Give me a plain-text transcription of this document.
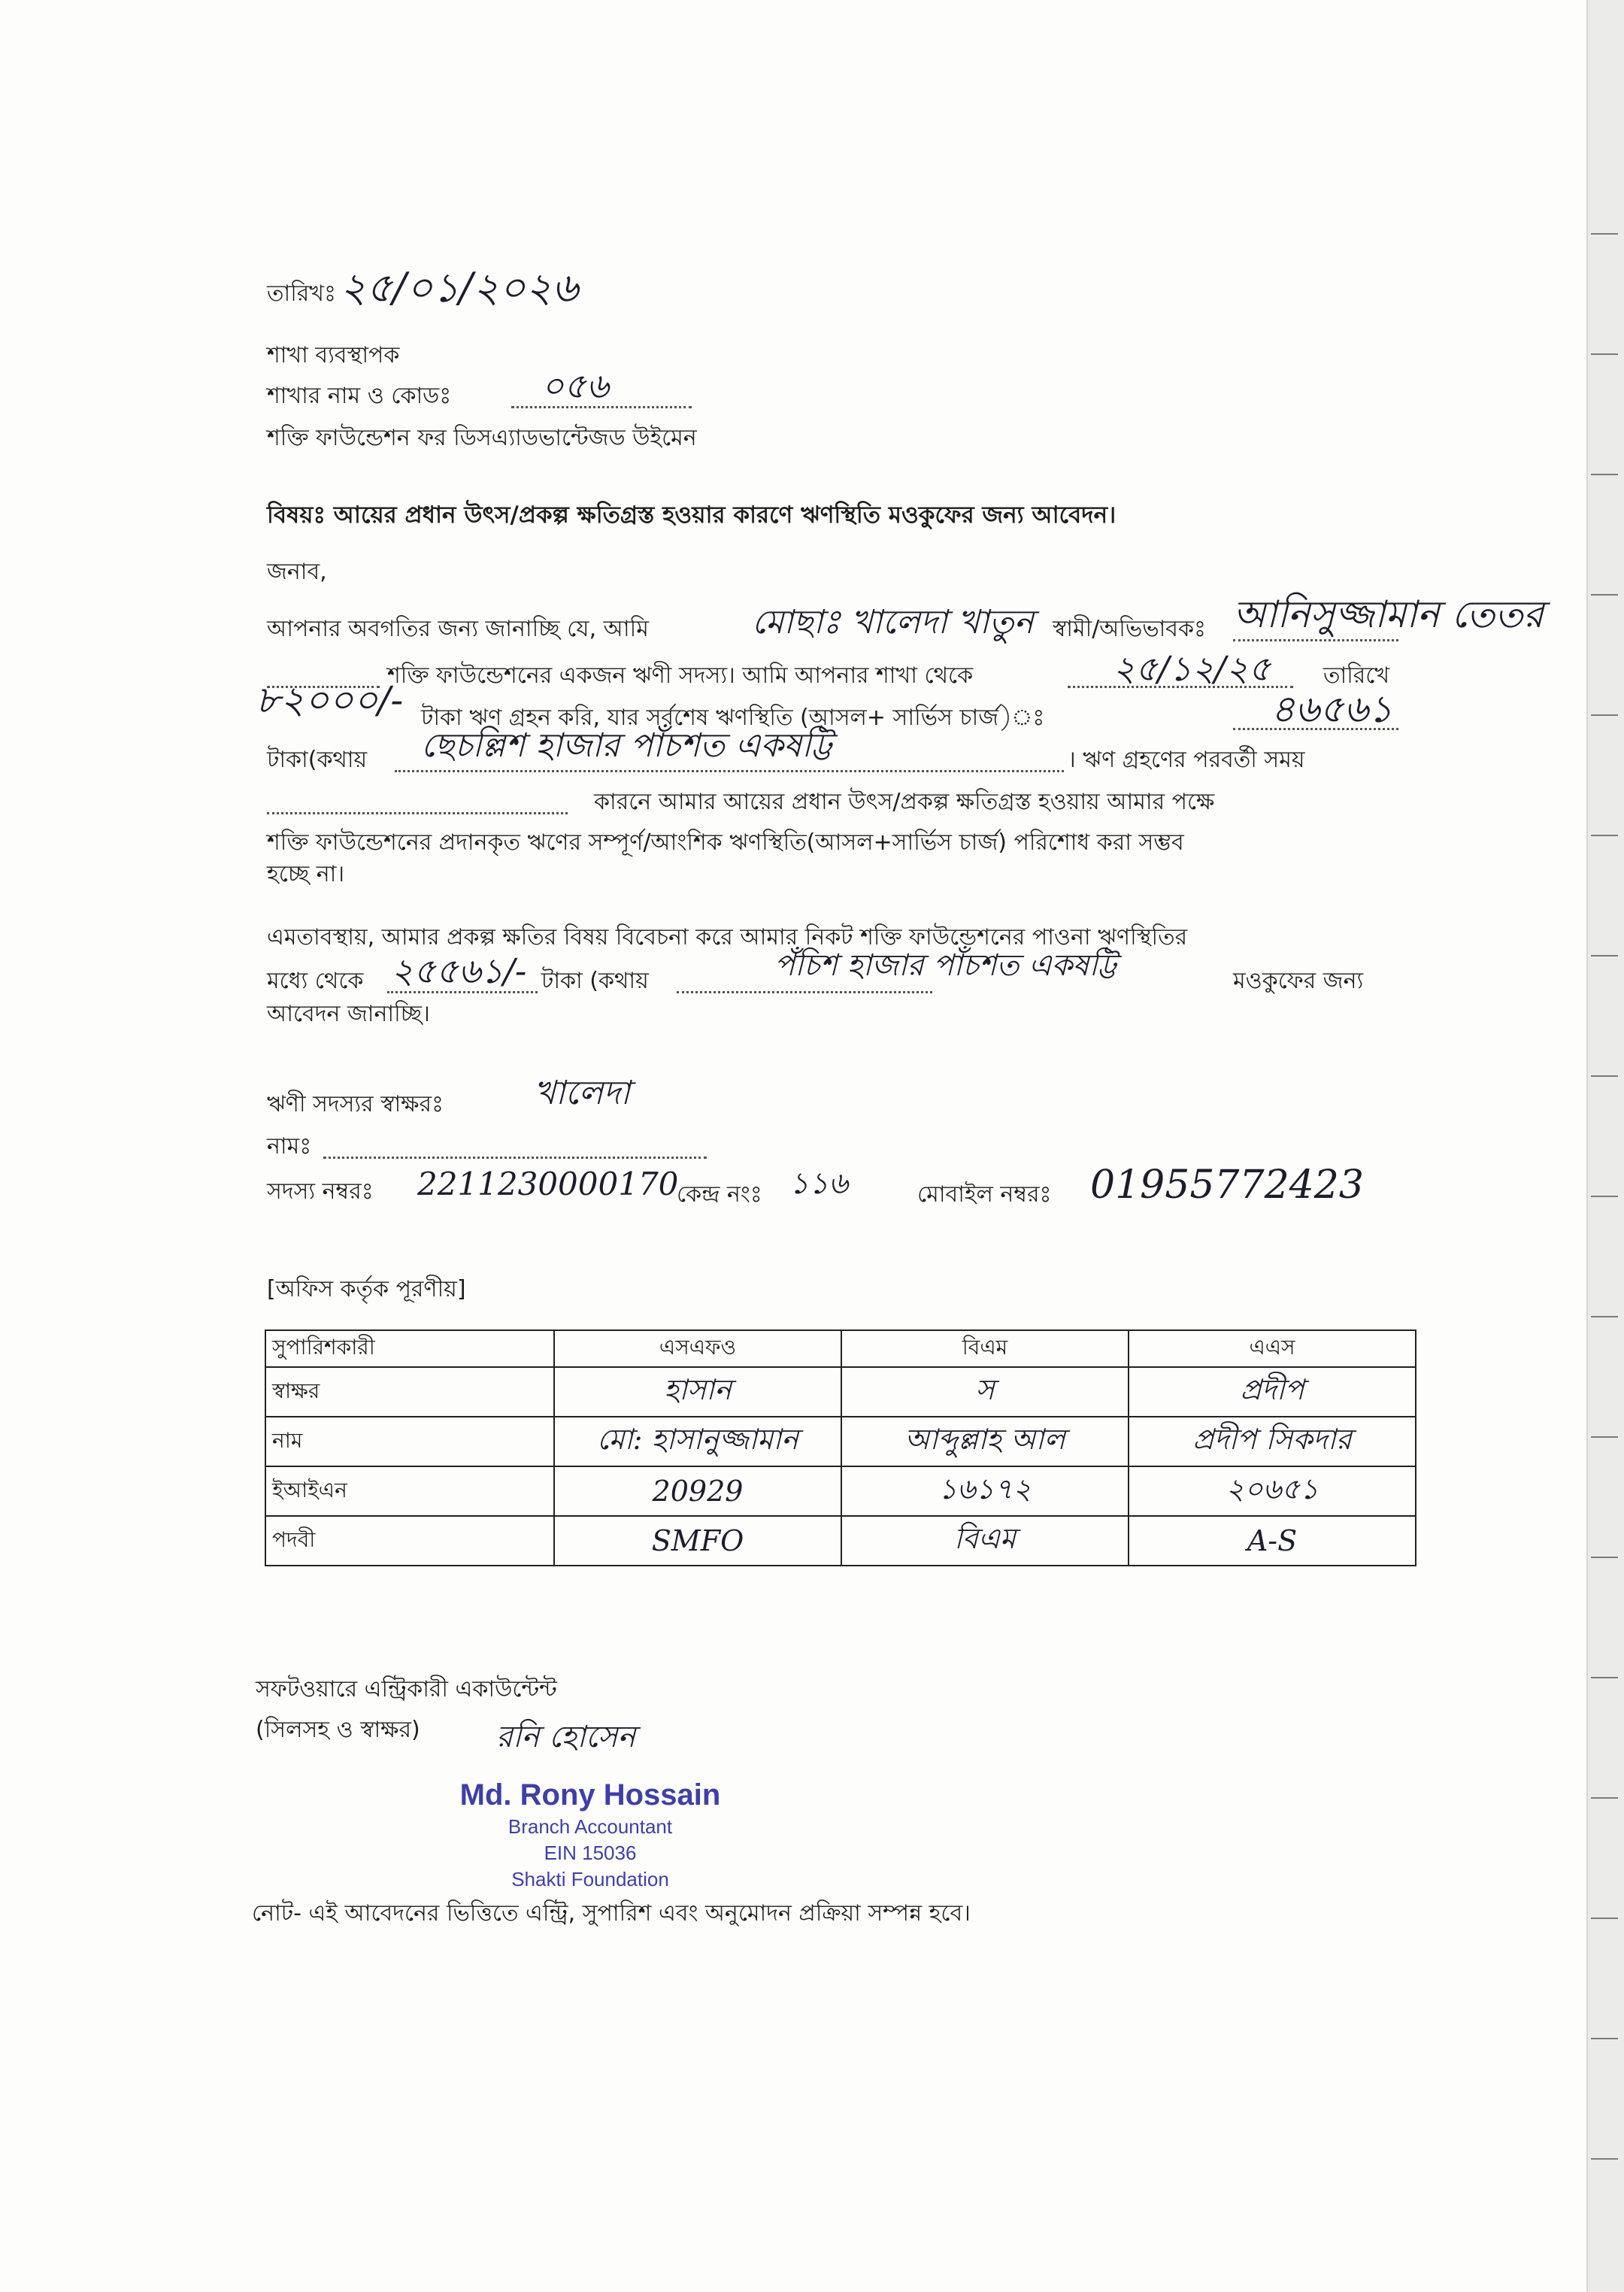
তারিখঃ ২৫/০১/২০২৬
শাখা ব্যবস্থাপক
শাখার নাম ও কোডঃ	০৫৬
শক্তি ফাউন্ডেশন ফর ডিসএ্যাডভান্টেজড উইমেন
বিষয়ঃ আয়ের প্রধান উৎস/প্রকল্প ক্ষতিগ্রস্ত হওয়ার কারণে ঋণস্থিতি মওকুফের জন্য আবেদন।
জনাব,
আপনার অবগতির জন্য জানাচ্ছি যে, আমি	মোছাঃ খালেদা খাতুন স্বামী/অভিভাবকঃ আনিসুজ্জামান তেতর
শক্তি ফাউন্ডেশনের একজন ঋণী সদস্য। আমি আপনার শাখা থেকে	২৫/১২/২৫ তারিখে
৮২০০০/- টাকা ঋণ গ্রহন করি, যার সর্বশেষ ঋণস্থিতি (আসল+ সার্ভিস চার্জ)ঃ	৪৬৫৬১
টাকা(কথায় ছেচল্লিশ হাজার পাঁচশত একষট্টি	। ঋণ গ্রহণের পরবর্তী সময়
কারনে আমার আয়ের প্রধান উৎস/প্রকল্প ক্ষতিগ্রস্ত হওয়ায় আমার পক্ষে
শক্তি ফাউন্ডেশনের প্রদানকৃত ঋণের সম্পূর্ণ/আংশিক ঋণস্থিতি(আসল+সার্ভিস চার্জ) পরিশোধ করা সম্ভব
হচ্ছে না।
এমতাবস্থায়, আমার প্রকল্প ক্ষতির বিষয় বিবেচনা করে আমার নিকট শক্তি ফাউন্ডেশনের পাওনা ঋণস্থিতির
মধ্যে থেকে ২৫৫৬১/- টাকা (কথায়	পঁচিশ হাজার পাঁচশত একষট্টি	মওকুফের জন্য
আবেদন জানাচ্ছি।
ঋণী সদস্যর স্বাক্ষরঃ	খালেদা
নামঃ
সদস্য নম্বরঃ 2211230000170
কেন্দ্র নংঃ ১১৬	মোবাইল নম্বরঃ 01955772423
[অফিস কর্তৃক পূরণীয়]
সুপারিশকারী	এসএফও	বিএম	এএস
স্বাক্ষর	হাসান	স	প্রদীপ
নাম	মো: হাসানুজ্জামান	আব্দুল্লাহ আল	প্রদীপ সিকদার
ইআইএন	20929	১৬১৭২	২০৬৫১
পদবী	SMFO	বিএম	A-S
সফটওয়ারে এন্ট্রিকারী একাউন্টেন্ট
(সিলসহ ও স্বাক্ষর)	রনি হোসেন
Md. Rony Hossain
Branch Accountant
EIN 15036
Shakti Foundation
নোট- এই আবেদনের ভিত্তিতে এন্ট্রি, সুপারিশ এবং অনুমোদন প্রক্রিয়া সম্পন্ন হবে।
